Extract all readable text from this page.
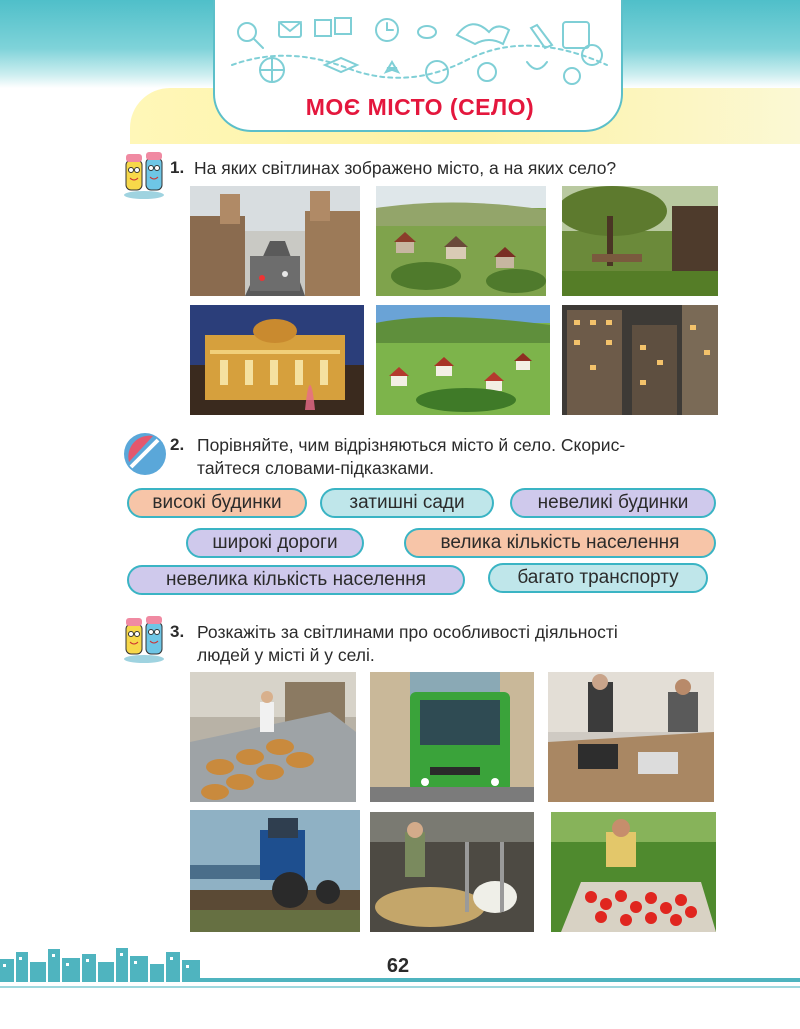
МОЄ МІСТО (СЕЛО)
1. На яких світлинах зображено місто, а на яких село?
2. Порівняйте, чим відрізняються місто й село. Скорис-
тайтеся словами-підказками.
високі будинки	затишні сади	невеликі будинки
широкі дороги	велика кількість населення
невелика кількість населення	багато транспорту
3. Розкажіть за світлинами про особливості діяльності
людей у місті й у селі.
62
